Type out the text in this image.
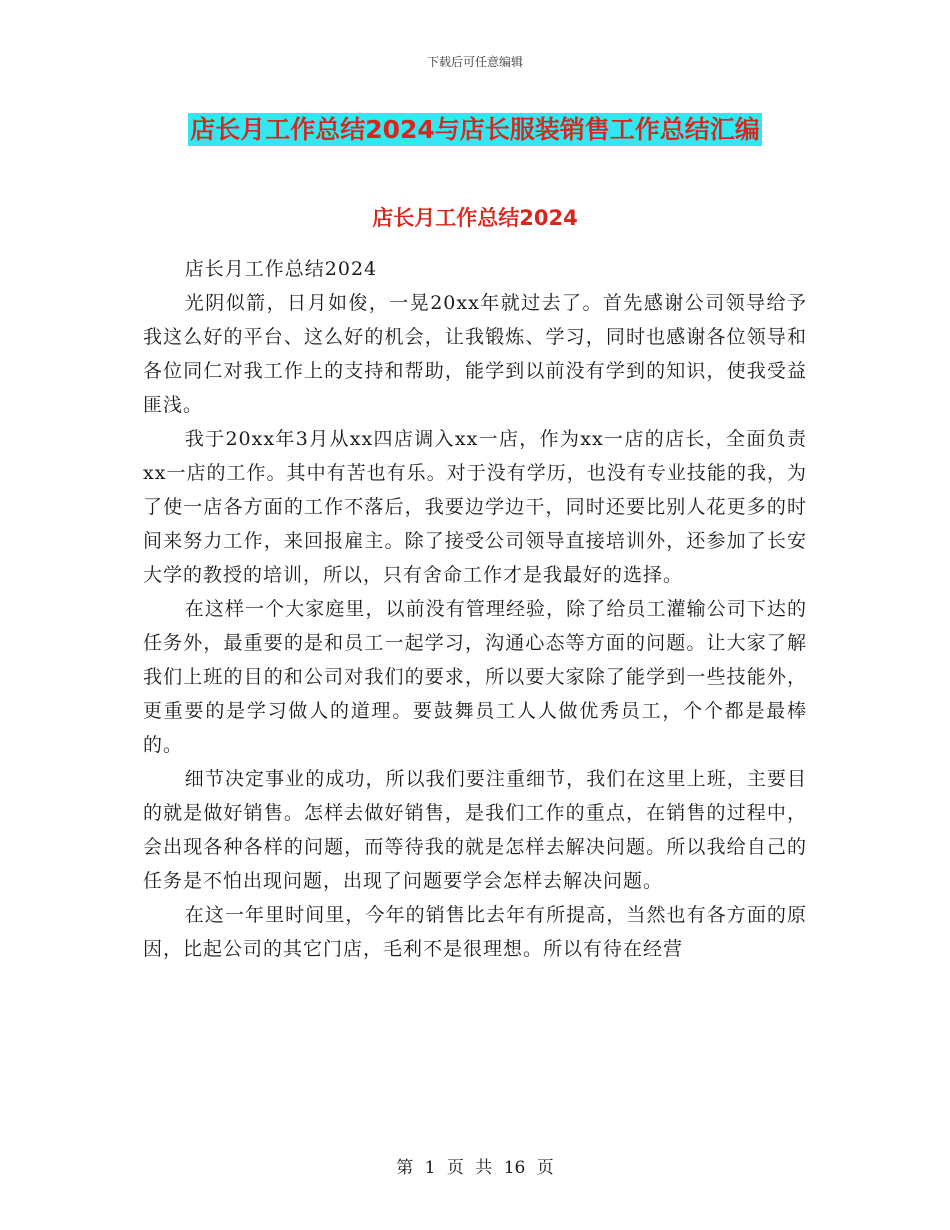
下载后可任意编辑
店长月工作总结2024与店长服装销售工作总结汇编
店长月工作总结2024

店长月工作总结2024

光阴似箭，日月如俊，一晃20xx年就过去了。首先感谢公司领导给予我这么好的平台、这么好的机会，让我锻炼、学习，同时也感谢各位领导和各位同仁对我工作上的支持和帮助，能学到以前没有学到的知识，使我受益匪浅。

我于20xx年3月从xx四店调入xx一店，作为xx一店的店长，全面负责xx一店的工作。其中有苦也有乐。对于没有学历，也没有专业技能的我，为了使一店各方面的工作不落后，我要边学边干，同时还要比别人花更多的时间来努力工作，来回报雇主。除了接受公司领导直接培训外，还参加了长安大学的教授的培训，所以，只有舍命工作才是我最好的选择。

在这样一个大家庭里，以前没有管理经验，除了给员工灌输公司下达的任务外，最重要的是和员工一起学习，沟通心态等方面的问题。让大家了解我们上班的目的和公司对我们的要求，所以要大家除了能学到一些技能外，更重要的是学习做人的道理。要鼓舞员工人人做优秀员工，个个都是最棒的。

细节决定事业的成功，所以我们要注重细节，我们在这里上班，主要目的就是做好销售。怎样去做好销售，是我们工作的重点，在销售的过程中，会出现各种各样的问题，而等待我的就是怎样去解决问题。所以我给自己的任务是不怕出现问题，出现了问题要学会怎样去解决问题。

在这一年里时间里，今年的销售比去年有所提高，当然也有各方面的原因，比起公司的其它门店，毛利不是很理想。所以有待在经营

第 1 页 共 16 页
